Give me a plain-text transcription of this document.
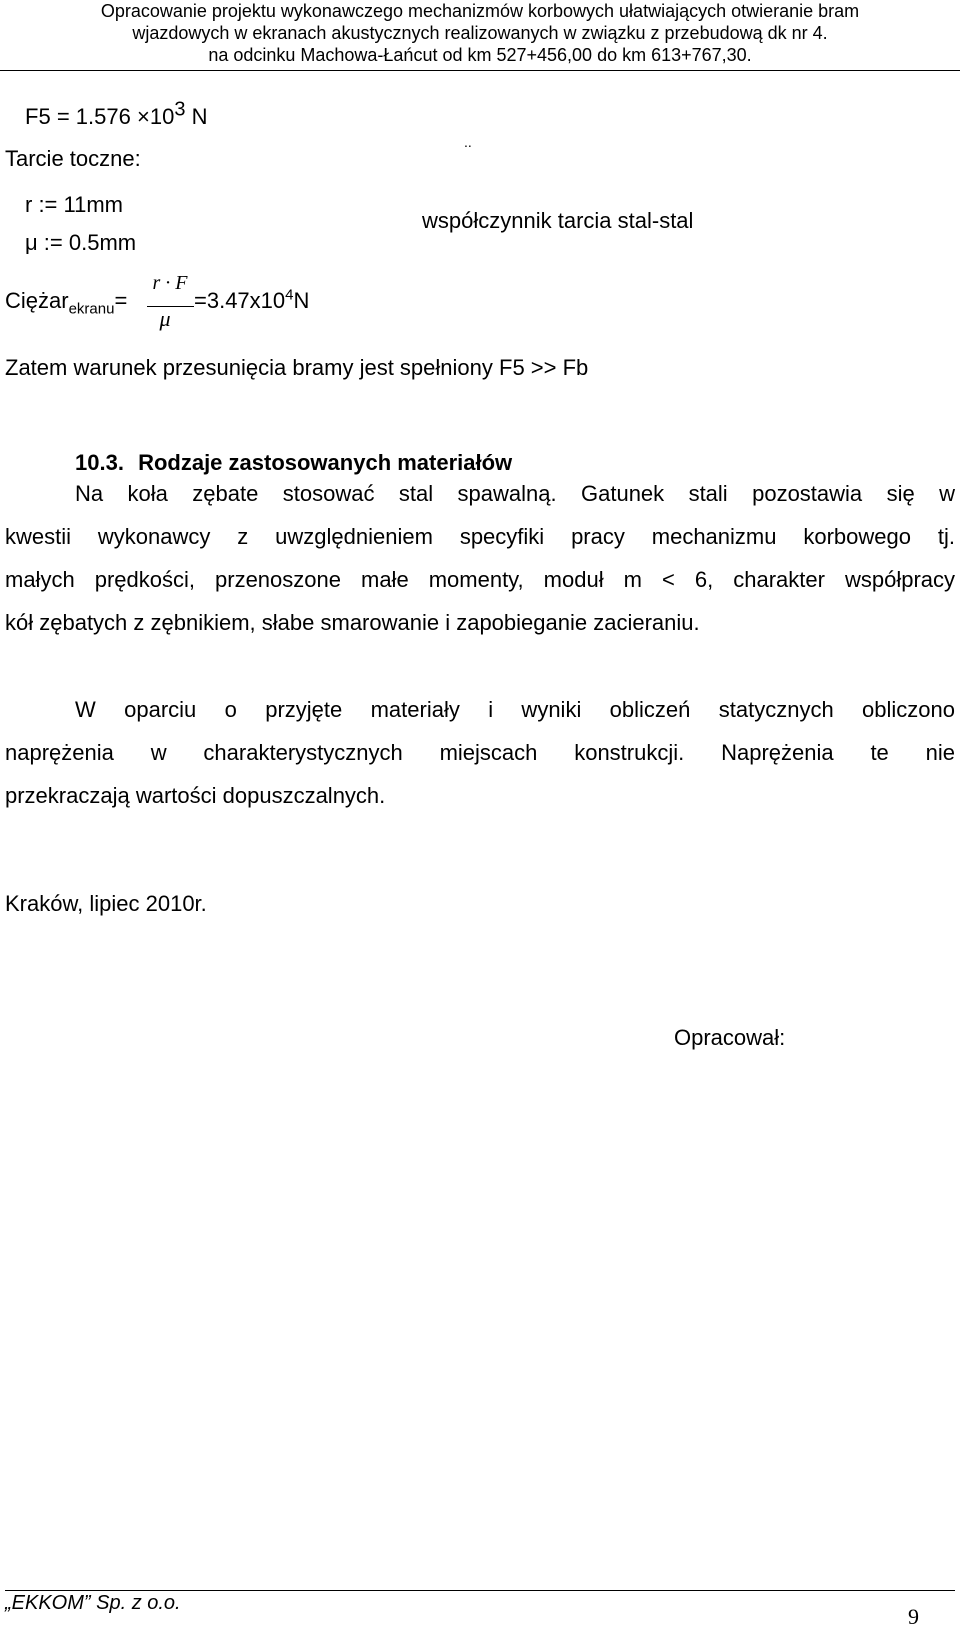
Opracowanie projektu wykonawczego mechanizmów korbowych ułatwiających otwieranie bram
wjazdowych w ekranach akustycznych realizowanych w związku z przebudową dk nr 4.
na odcinku Machowa-Łańcut od km 527+456,00 do km 613+767,30.
$F5 = 1.576 \times 10^3$ N
Tarcie toczne:
..
r := 11mm
μ := 0.5mm
współczynnik tarcia stal-stal
Ciężar$_{ekranu}$=
r · F
μ
$=3.47x10^4N$
Zatem warunek przesunięcia bramy jest spełniony F5 >> Fb
10.3. Rodzaje zastosowanych materiałów
Na koła zębate stosować stal spawalną. Gatunek stali pozostawia się w
kwestii wykonawcy z uwzględnieniem specyfiki pracy mechanizmu korbowego tj.
małych prędkości, przenoszone małe momenty, moduł m < 6, charakter współpracy
kół zębatych z zębnikiem, słabe smarowanie i zapobieganie zacieraniu.
W oparciu o przyjęte materiały i wyniki obliczeń statycznych obliczono
naprężenia w charakterystycznych miejscach konstrukcji. Naprężenia te nie
przekraczają wartości dopuszczalnych.
Kraków, lipiec 2010r.
Opracował:
„EKKOM” Sp. z o.o.
9
